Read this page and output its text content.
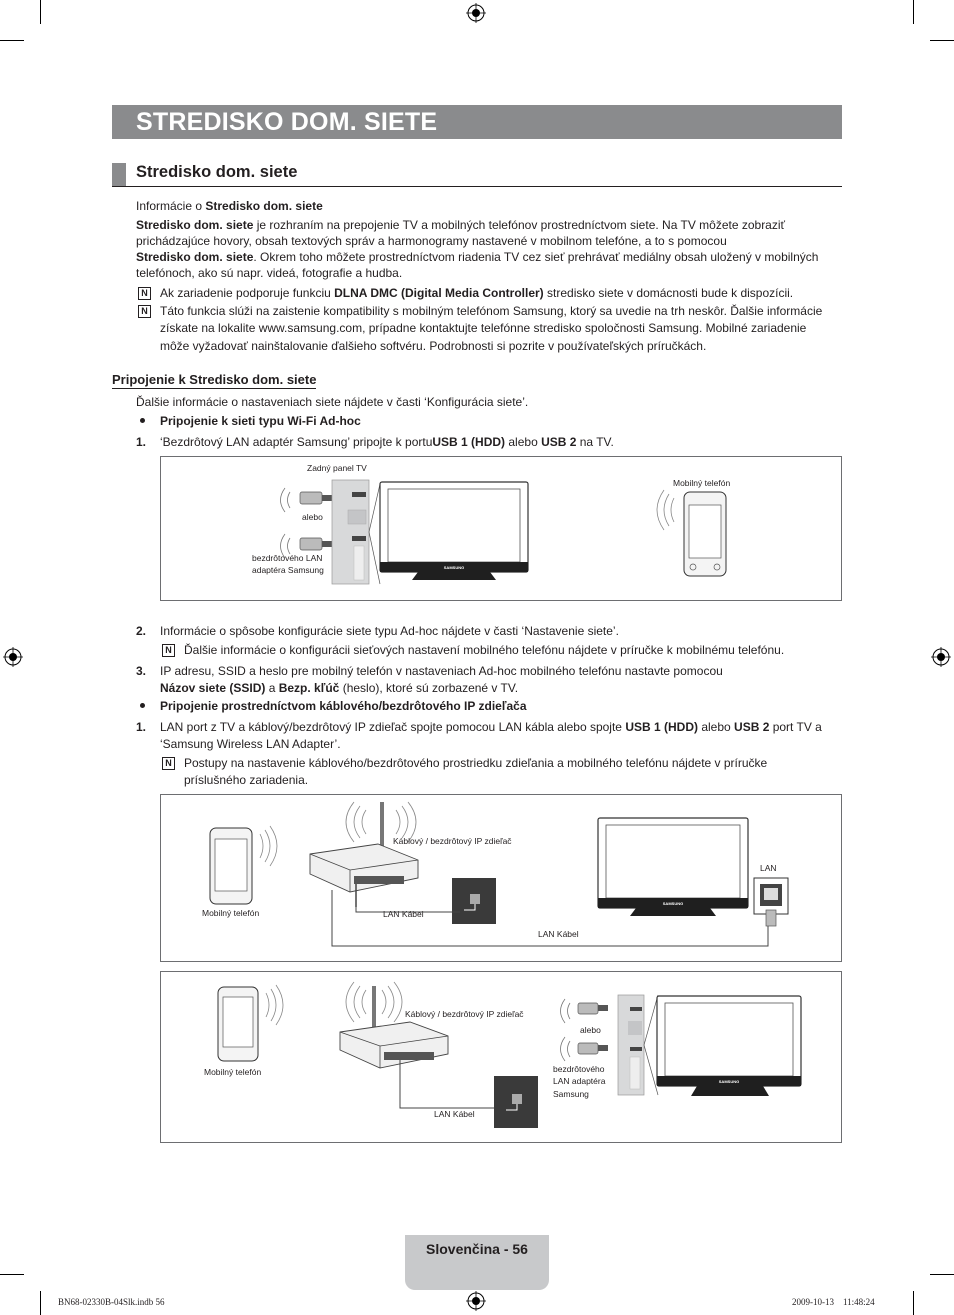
STREDISKO DOM. SIETE
Stredisko dom. siete
Informácie o Stredisko dom. siete
Stredisko dom. siete je rozhraním na prepojenie TV a mobilných telefónov prostredníctvom siete. Na TV môžete zobraziť
prichádzajúce hovory, obsah textových správ a harmonogramy nastavené v mobilnom telefóne, a to s pomocou
Stredisko dom. siete. Okrem toho môžete prostredníctvom riadenia TV cez sieť prehrávať mediálny obsah uložený v mobilných
telefónoch, ako sú napr. videá, fotografie a hudba.
N Ak zariadenie podporuje funkciu DLNA DMC (Digital Media Controller) stredisko siete v domácnosti bude k dispozícii.
N Táto funkcia slúži na zaistenie kompatibility s mobilným telefónom Samsung, ktorý sa uvedie na trh neskôr. Ďalšie informácie
získate na lokalite www.samsung.com, prípadne kontaktujte telefónne stredisko spoločnosti Samsung. Mobilné zariadenie
môže vyžadovať nainštalovanie ďalšieho softvéru. Podrobnosti si pozrite v používateľských príručkách.
Pripojenie k Stredisko dom. siete
Ďalšie informácie o nastaveniach siete nájdete v časti ‘Konfigurácia siete’.
Pripojenie k sieti typu Wi-Fi Ad-hoc
1. ‘Bezdrôtový LAN adaptér Samsung’ pripojte k portuUSB 1 (HDD) alebo USB 2 na TV.
Zadný panel TV
alebo
bezdrôtového LAN
adaptéra Samsung
Mobilný telefón
SAMSUNG
2. Informácie o spôsobe konfigurácie siete typu Ad-hoc nájdete v časti ‘Nastavenie siete’.
N Ďalšie informácie o konfigurácii sieťových nastavení mobilného telefónu nájdete v príručke k mobilnému telefónu.
3. IP adresu, SSID a heslo pre mobilný telefón v nastaveniach Ad-hoc mobilného telefónu nastavte pomocou
Názov siete (SSID) a Bezp. kľúč (heslo), ktoré sú zorbazené v TV.
Pripojenie prostredníctvom káblového/bezdrôtového IP zdieľača
1. LAN port z TV a káblový/bezdrôtový IP zdieľač spojte pomocou LAN kábla alebo spojte USB 1 (HDD) alebo USB 2 port TV a
‘Samsung Wireless LAN Adapter’.
N Postupy na nastavenie káblového/bezdrôtového prostriedku zdieľania a mobilného telefónu nájdete v príručke
príslušného zariadenia.
Mobilný telefón
Káblový / bezdrôtový IP zdieľač
LAN Kábel
LAN Kábel
SAMSUNG
LAN
Mobilný telefón
Káblový / bezdrôtový IP zdieľač
LAN Kábel
alebo
bezdrôtového
LAN adaptéra
Samsung
SAMSUNG
Slovenčina - 56
BN68-02330B-04Slk.indb 56	2009-10-13    11:48:24
